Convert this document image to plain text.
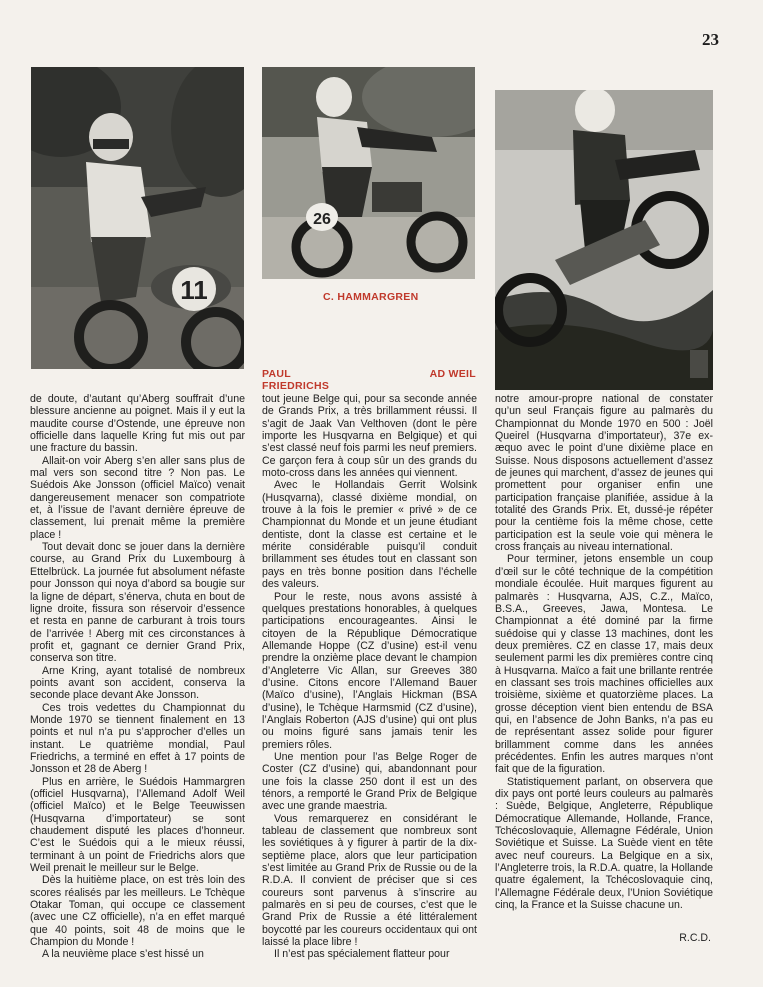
23
11
26
C. HAMMARGREN
PAUL FRIEDRICHS
AD WEIL

de doute, d’autant qu’Aberg souffrait d’une blessure ancienne au poignet. Mais il y eut la maudite course d’Ostende, une épreuve non officielle dans laquelle Kring fut mis out par une fracture du bassin.

Allait-on voir Aberg s’en aller sans plus de mal vers son second titre ? Non pas. Le Suédois Ake Jonsson (officiel Maïco) venait dangereusement menacer son compatriote et, à l’issue de l’avant dernière épreuve de classement, lui prenait même la première place !

Tout devait donc se jouer dans la dernière course, au Grand Prix du Luxembourg à Ettelbrück. La journée fut absolument néfaste pour Jonsson qui noya d’abord sa bougie sur la ligne de départ, s’énerva, chuta en bout de ligne droite, fissura son réservoir d’essence et resta en panne de carburant à trois tours de l’arrivée ! Aberg mit ces circonstances à profit et, gagnant ce dernier Grand Prix, conserva son titre.

Arne Kring, ayant totalisé de nombreux points avant son accident, conserva la seconde place devant Ake Jonsson.

Ces trois vedettes du Championnat du Monde 1970 se tiennent finalement en 13 points et nul n’a pu s’approcher d’elles un instant. Le quatrième mondial, Paul Friedrichs, a terminé en effet à 17 points de Jonsson et 28 de Aberg !

Plus en arrière, le Suédois Hammargren (officiel Husqvarna), l’Allemand Adolf Weil (officiel Maïco) et le Belge Teeuwissen (Husqvarna d’importateur) se sont chaudement disputé les places d’honneur. C’est le Suédois qui a le mieux réussi, terminant à un point de Friedrichs alors que Weil prenait le meilleur sur le Belge.

Dès la huitième place, on est très loin des scores réalisés par les meilleurs. Le Tchèque Otakar Toman, qui occupe ce classement (avec une CZ officielle), n’a en effet marqué que 40 points, soit 48 de moins que le Champion du Monde !

A la neuvième place s’est hissé un

tout jeune Belge qui, pour sa seconde année de Grands Prix, a très brillamment réussi. Il s’agit de Jaak Van Velthoven (dont le père importe les Husqvarna en Belgique) et qui s’est classé neuf fois parmi les neuf premiers. Ce garçon fera à coup sûr un des grands du moto-cross dans les années qui viennent.

Avec le Hollandais Gerrit Wolsink (Husqvarna), classé dixième mondial, on trouve à la fois le premier « privé » de ce Championnat du Monde et un jeune étudiant dentiste, dont la classe est certaine et le mérite considérable puisqu’il conduit brillamment ses études tout en classant son pays en très bonne position dans l’échelle des valeurs.

Pour le reste, nous avons assisté à quelques prestations honorables, à quelques participations encourageantes. Ainsi le citoyen de la République Démocratique Allemande Hoppe (CZ d’usine) est-il venu prendre la onzième place devant le champion d’Angleterre Vic Allan, sur Greeves 380 d’usine. Citons encore l’Allemand Bauer (Maïco d’usine), l’Anglais Hickman (BSA d’usine), le Tchèque Harmsmid (CZ d’usine), l’Anglais Roberton (AJS d’usine) qui ont plus ou moins figuré sans jamais tenir les premiers rôles.

Une mention pour l’as Belge Roger de Coster (CZ d’usine) qui, abandonnant pour une fois la classe 250 dont il est un des ténors, a remporté le Grand Prix de Belgique avec une grande maestria.

Vous remarquerez en considérant le tableau de classement que nombreux sont les soviétiques à y figurer à partir de la dix-septième place, alors que leur participation s’est limitée au Grand Prix de Russie ou de la R.D.A. Il convient de préciser que si ces coureurs sont parvenus à s’inscrire au palmarès en si peu de courses, c’est que le Grand Prix de Russie a été littéralement boycotté par les coureurs occidentaux qui ont laissé la place libre !

Il n’est pas spécialement flatteur pour

notre amour-propre national de constater qu’un seul Français figure au palmarès du Championnat du Monde 1970 en 500 : Joël Queirel (Husqvarna d’importateur), 37e ex-æquo avec le point d’une dixième place en Suisse. Nous disposons actuellement d’assez de jeunes qui marchent, d’assez de jeunes qui promettent pour organiser enfin une participation française planifiée, assidue à la totalité des Grands Prix. Et, dussé-je répéter pour la centième fois la même chose, cette participation est la seule voie qui mènera le cross français au niveau international.

Pour terminer, jetons ensemble un coup d’œil sur le côté technique de la compétition mondiale écoulée. Huit marques figurent au palmarès : Husqvarna, AJS, C.Z., Maïco, B.S.A., Greeves, Jawa, Montesa. Le Championnat a été dominé par la firme suédoise qui y classe 13 machines, dont les deux premières. CZ en classe 17, mais deux seulement parmi les dix premières contre cinq à Husqvarna. Maïco a fait une brillante rentrée en classant ses trois machines officielles aux troisième, sixième et quatorzième places. La grosse déception vient bien entendu de BSA qui, en l’absence de John Banks, n’a pas eu de représentant assez solide pour figurer brillamment comme dans les années précédentes. Enfin les autres marques n’ont fait que de la figuration.

Statistiquement parlant, on observera que dix pays ont porté leurs couleurs au palmarès : Suède, Belgique, Angleterre, République Démocratique Allemande, Hollande, France, Tchécoslovaquie, Allemagne Fédérale, Union Soviétique et Suisse. La Suède vient en tête avec neuf coureurs. La Belgique en a six, l’Angleterre trois, la R.D.A. quatre, la Hollande quatre également, la Tchécoslovaquie cinq, l’Allemagne Fédérale deux, l’Union Soviétique cinq, la France et la Suisse chacune un.

R.C.D.
